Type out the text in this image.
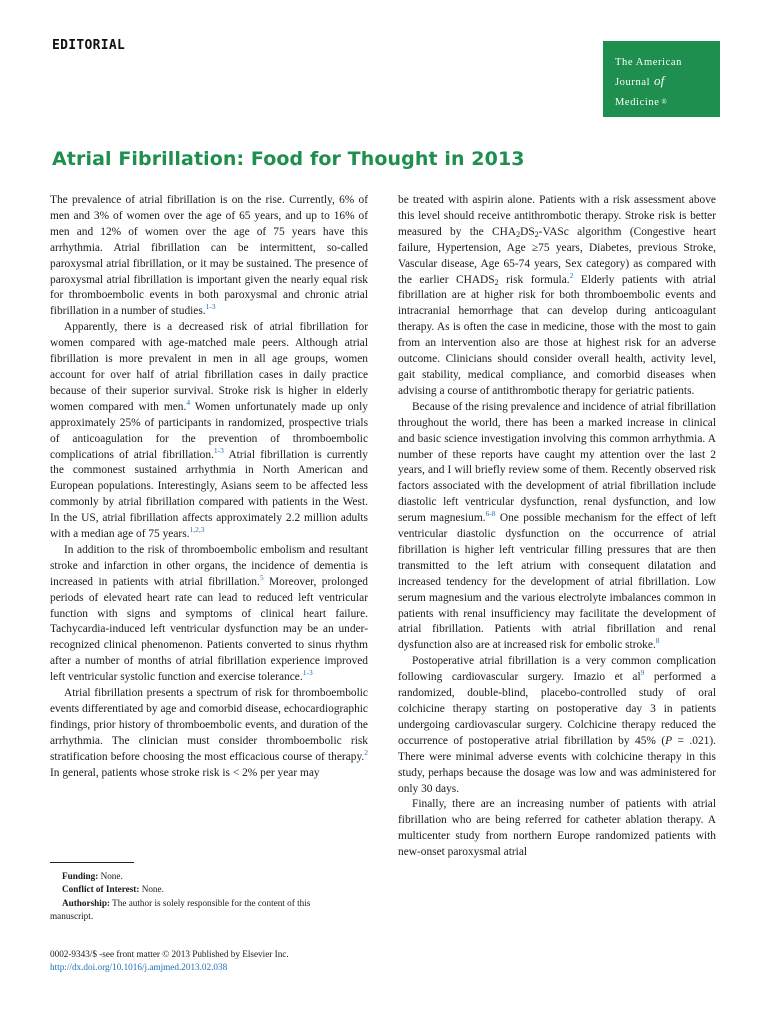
EDITORIAL
The American
Journal of
Medicine ®
Atrial Fibrillation: Food for Thought in 2013

The prevalence of atrial fibrillation is on the rise. Currently, 6% of men and 3% of women over the age of 65 years, and up to 16% of men and 12% of women over the age of 75 years have this arrhythmia. Atrial fibrillation can be intermittent, so-called paroxysmal atrial fibrillation, or it may be sustained. The presence of paroxysmal atrial fibrillation is important given the nearly equal risk for thromboembolic events in both paroxysmal and chronic atrial fibrillation in a number of studies.$^{1-3}$

Apparently, there is a decreased risk of atrial fibrillation for women compared with age-matched male peers. Although atrial fibrillation is more prevalent in men in all age groups, women account for over half of atrial fibrillation cases in daily practice because of their superior survival. Stroke risk is higher in elderly women compared with men.$^4$ Women unfortunately made up only approximately 25% of participants in randomized, prospective trials of anticoagulation for the prevention of thromboembolic complications of atrial fibrillation.$^{1-3}$ Atrial fibrillation is currently the commonest sustained arrhythmia in North American and European populations. Interestingly, Asians seem to be affected less commonly by atrial fibrillation compared with patients in the West. In the US, atrial fibrillation affects approximately 2.2 million adults with a median age of 75 years.$^{1,2,3}$

In addition to the risk of thromboembolic embolism and resultant stroke and infarction in other organs, the incidence of dementia is increased in patients with atrial fibrillation.$^5$ Moreover, prolonged periods of elevated heart rate can lead to reduced left ventricular function with signs and symptoms of clinical heart failure. Tachycardia-induced left ventricular dysfunction may be an under-recognized clinical phenomenon. Patients converted to sinus rhythm after a number of months of atrial fibrillation experience improved left ventricular systolic function and exercise tolerance.$^{1-3}$

Atrial fibrillation presents a spectrum of risk for thromboembolic events differentiated by age and comorbid disease, echocardiographic findings, prior history of thromboembolic events, and duration of the arrhythmia. The clinician must consider thromboembolic risk stratification before choosing the most efficacious course of therapy.$^2$ In general, patients whose stroke risk is < 2% per year may

be treated with aspirin alone. Patients with a risk assessment above this level should receive antithrombotic therapy. Stroke risk is better measured by the $CHA_2DS_2$-VASc algorithm (Congestive heart failure, Hypertension, Age ≥75 years, Diabetes, previous Stroke, Vascular disease, Age 65-74 years, Sex category) as compared with the earlier $CHADS_2$ risk formula.$^2$ Elderly patients with atrial fibrillation are at higher risk for both thromboembolic events and intracranial hemorrhage that can develop during anticoagulant therapy. As is often the case in medicine, those with the most to gain from an intervention also are those at highest risk for an adverse outcome. Clinicians should consider overall health, activity level, gait stability, medical compliance, and comorbid diseases when advising a course of antithrombotic therapy for geriatric patients.

Because of the rising prevalence and incidence of atrial fibrillation throughout the world, there has been a marked increase in clinical and basic science investigation involving this common arrhythmia. A number of these reports have caught my attention over the last 2 years, and I will briefly review some of them. Recently observed risk factors associated with the development of atrial fibrillation include diastolic left ventricular dysfunction, renal dysfunction, and low serum magnesium.$^{6-8}$ One possible mechanism for the effect of left ventricular diastolic dysfunction on the occurrence of atrial fibrillation is higher left ventricular filling pressures that are then transmitted to the left atrium with consequent dilatation and increased tendency for the development of atrial fibrillation. Low serum magnesium and the various electrolyte imbalances common in patients with renal insufficiency may facilitate the development of atrial fibrillation. Patients with atrial fibrillation and renal dysfunction also are at increased risk for embolic stroke.$^8$

Postoperative atrial fibrillation is a very common complication following cardiovascular surgery. Imazio et $al^9$ performed a randomized, double-blind, placebo-controlled study of oral colchicine therapy starting on postoperative day 3 in patients undergoing cardiovascular surgery. Colchicine therapy reduced the occurrence of postoperative atrial fibrillation by 45% (P = .021). There were minimal adverse events with colchicine therapy in this study, perhaps because the dosage was low and was administered for only 30 days.

Finally, there are an increasing number of patients with atrial fibrillation who are being referred for catheter ablation therapy. A multicenter study from northern Europe randomized patients with new-onset paroxysmal atrial

Funding: None.
Conflict of Interest: None.
Authorship: The author is solely responsible for the content of this
manuscript.
0002-9343/$ -see front matter © 2013 Published by Elsevier Inc.
http://dx.doi.org/10.1016/j.amjmed.2013.02.038
